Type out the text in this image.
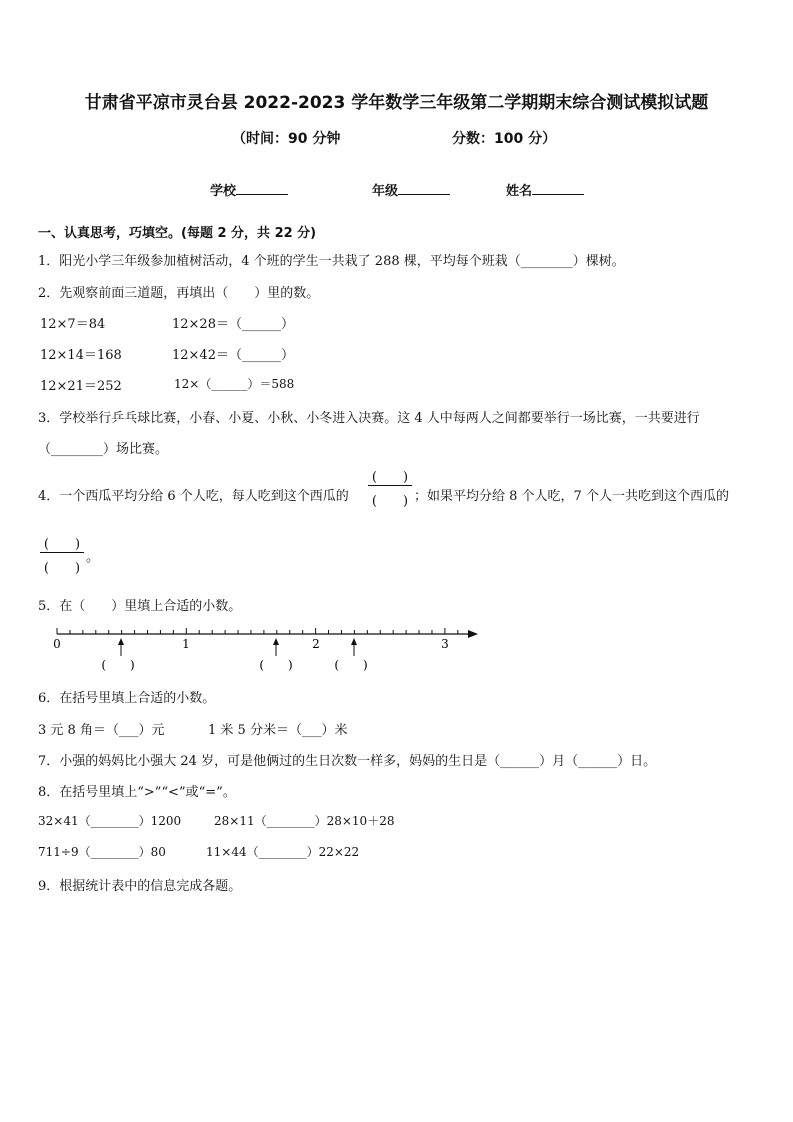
甘肃省平凉市灵台县 2022-2023 学年数学三年级第二学期期末综合测试模拟试题
（时间：90 分钟	分数：100 分）
学校	年级	姓名
一、认真思考，巧填空。(每题 2 分，共 22 分)
1．阳光小学三年级参加植树活动，4 个班的学生一共栽了 288 棵，平均每个班栽（________）棵树。
2．先观察前面三道题，再填出（　　）里的数。
12×7＝84	12×28＝（______）
12×14＝168	12×42＝（______）
12×21＝252	12×（______）＝588
3．学校举行乒乓球比赛，小春、小夏、小秋、小冬进入决赛。这 4 人中每两人之间都要举行一场比赛，一共要进行
（________）场比赛。
4．一个西瓜平均分给 6 个人吃，每人吃到这个西瓜的
(　　)
(　　) ；如果平均分给 8 个人吃，7 个人一共吃到这个西瓜的
(　　)
(　　)
。
5．在（　　）里填上合适的小数。
0	1	2	3
(　　)	(　　)	(　　)
6．在括号里填上合适的小数。
3 元 8 角＝（___）元	1 米 5 分米＝（___）米
7．小强的妈妈比小强大 24 岁，可是他俩过的生日次数一样多，妈妈的生日是（______）月（______）日。
8．在括号里填上“>”“<”或“=”。
32×41（________）1200	28×11（________）28×10＋28
711÷9（________）80	11×44（________）22×22
9．根据统计表中的信息完成各题。
